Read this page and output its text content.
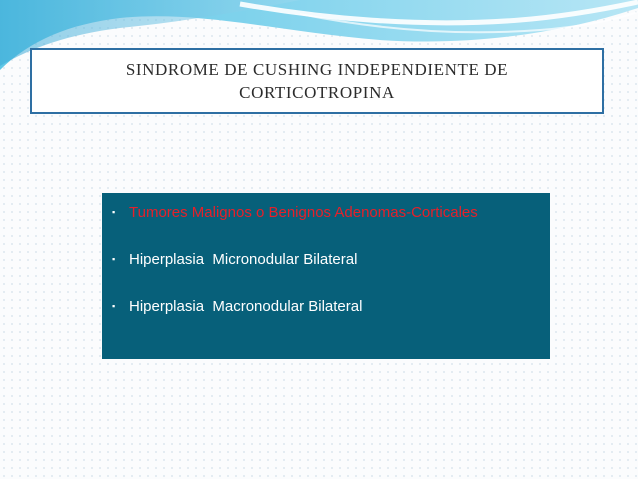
SINDROME DE CUSHING INDEPENDIENTE DE CORTICOTROPINA
▪ Tumores Malignos o Benignos Adenomas-Corticales
▪ Hiperplasia  Micronodular Bilateral
▪ Hiperplasia  Macronodular Bilateral
